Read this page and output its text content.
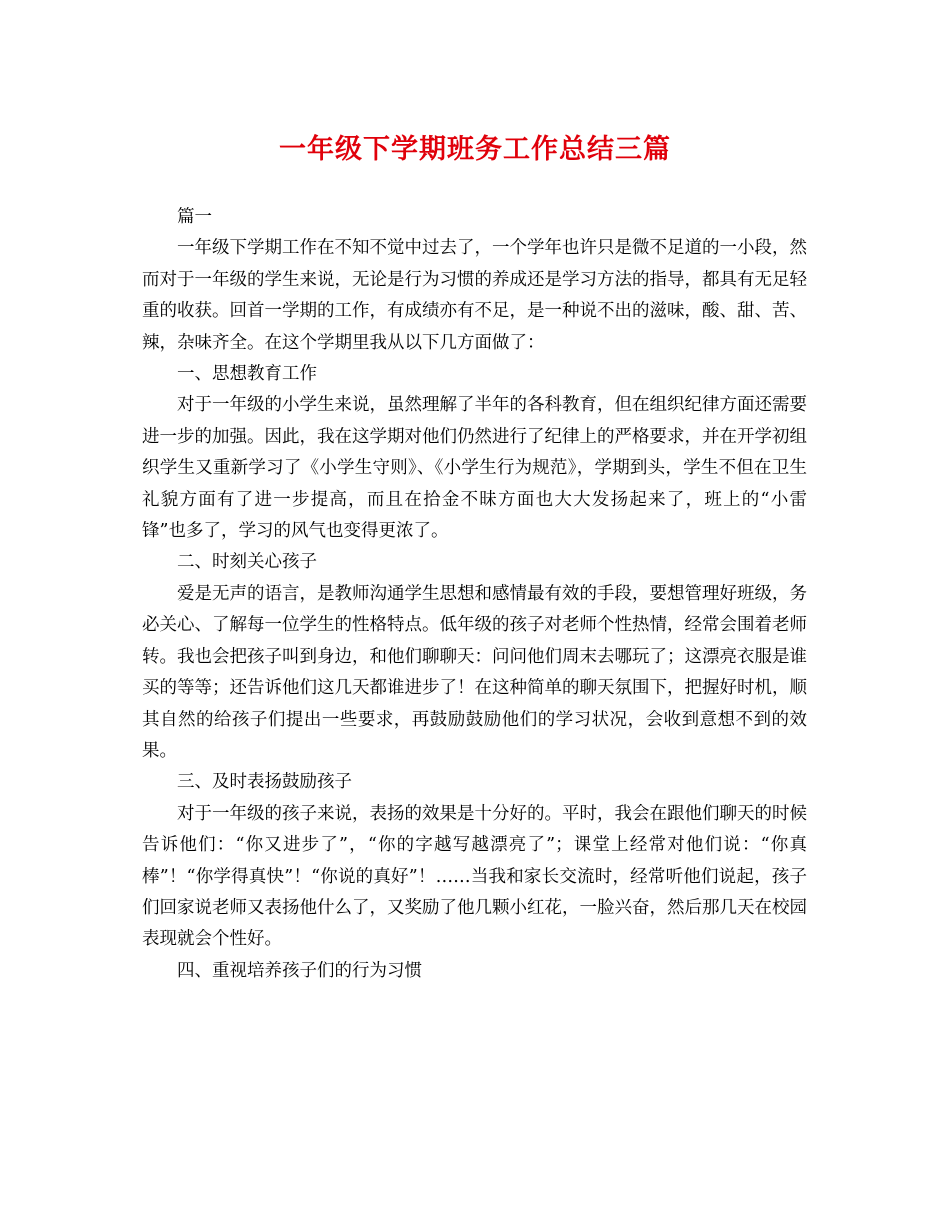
一年级下学期班务工作总结三篇

篇一

一年级下学期工作在不知不觉中过去了，一个学年也许只是微不足道的一小段，然而对于一年级的学生来说，无论是行为习惯的养成还是学习方法的指导，都具有无足轻重的收获。回首一学期的工作，有成绩亦有不足，是一种说不出的滋味，酸、甜、苦、辣，杂味齐全。在这个学期里我从以下几方面做了：

一、思想教育工作

对于一年级的小学生来说，虽然理解了半年的各科教育，但在组织纪律方面还需要进一步的加强。因此，我在这学期对他们仍然进行了纪律上的严格要求，并在开学初组织学生又重新学习了《小学生守则》、《小学生行为规范》，学期到头，学生不但在卫生礼貌方面有了进一步提高，而且在拾金不昧方面也大大发扬起来了，班上的“小雷锋”也多了，学习的风气也变得更浓了。

二、时刻关心孩子

爱是无声的语言，是教师沟通学生思想和感情最有效的手段，要想管理好班级，务必关心、了解每一位学生的性格特点。低年级的孩子对老师个性热情，经常会围着老师转。我也会把孩子叫到身边，和他们聊聊天：问问他们周末去哪玩了；这漂亮衣服是谁买的等等；还告诉他们这几天都谁进步了！在这种简单的聊天氛围下，把握好时机，顺其自然的给孩子们提出一些要求，再鼓励鼓励他们的学习状况，会收到意想不到的效果。

三、及时表扬鼓励孩子

对于一年级的孩子来说，表扬的效果是十分好的。平时，我会在跟他们聊天的时候告诉他们：“你又进步了”，“你的字越写越漂亮了”；课堂上经常对他们说：“你真棒”！“你学得真快”！“你说的真好”！……当我和家长交流时，经常听他们说起，孩子们回家说老师又表扬他什么了，又奖励了他几颗小红花，一脸兴奋，然后那几天在校园表现就会个性好。

四、重视培养孩子们的行为习惯
